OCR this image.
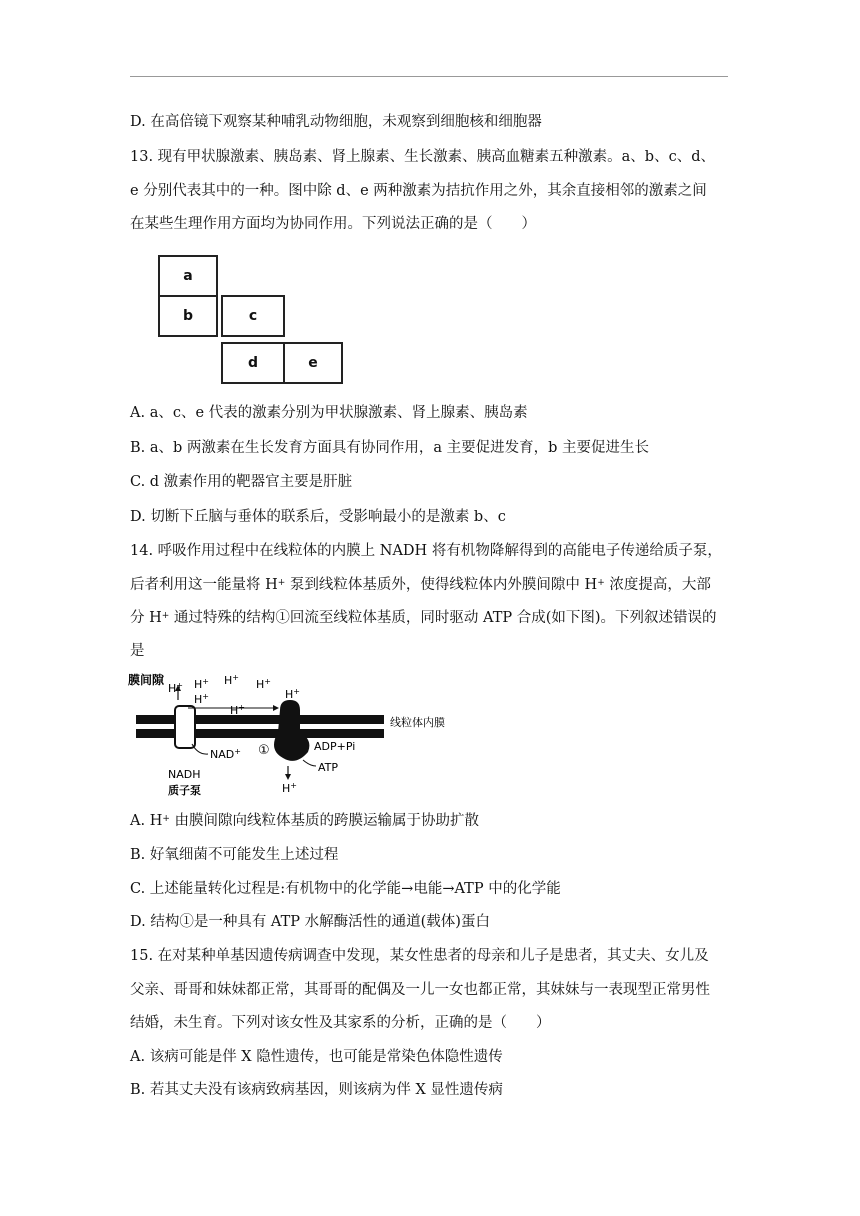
D. 在高倍镜下观察某种哺乳动物细胞，未观察到细胞核和细胞器
13. 现有甲状腺激素、胰岛素、肾上腺素、生长激素、胰高血糖素五种激素。a、b、c、d、
e 分别代表其中的一种。图中除 d、e 两种激素为拮抗作用之外，其余直接相邻的激素之间
在某些生理作用方面均为协同作用。下列说法正确的是（　　）
a
b	c
d	e
A. a、c、e 代表的激素分别为甲状腺激素、肾上腺素、胰岛素
B. a、b 两激素在生长发育方面具有协同作用，a 主要促进发育，b 主要促进生长
C. d 激素作用的靶器官主要是肝脏
D. 切断下丘脑与垂体的联系后，受影响最小的是激素 b、c
14. 呼吸作用过程中在线粒体的内膜上 NADH 将有机物降解得到的高能电子传递给质子泵，
后者利用这一能量将 H+ 泵到线粒体基质外，使得线粒体内外膜间隙中 H+ 浓度提高，大部
分 H+ 通过特殊的结构①回流至线粒体基质，同时驱动 ATP 合成(如下图)。下列叙述错误的
是
膜间隙
H+ H+ H+
H+
H+
H+
H+
H+
NAD+
NADH
质子泵
①	ADP+Pi
ATP
线粒体内膜
A. H+ 由膜间隙向线粒体基质的跨膜运输属于协助扩散
B. 好氧细菌不可能发生上述过程
C. 上述能量转化过程是:有机物中的化学能→电能→ATP 中的化学能
D. 结构①是一种具有 ATP 水解酶活性的通道(载体)蛋白
15. 在对某种单基因遗传病调查中发现，某女性患者的母亲和儿子是患者，其丈夫、女儿及
父亲、哥哥和妹妹都正常，其哥哥的配偶及一儿一女也都正常，其妹妹与一表现型正常男性
结婚，未生育。下列对该女性及其家系的分析，正确的是（　　）
A. 该病可能是伴 X 隐性遗传，也可能是常染色体隐性遗传
B. 若其丈夫没有该病致病基因，则该病为伴 X 显性遗传病
